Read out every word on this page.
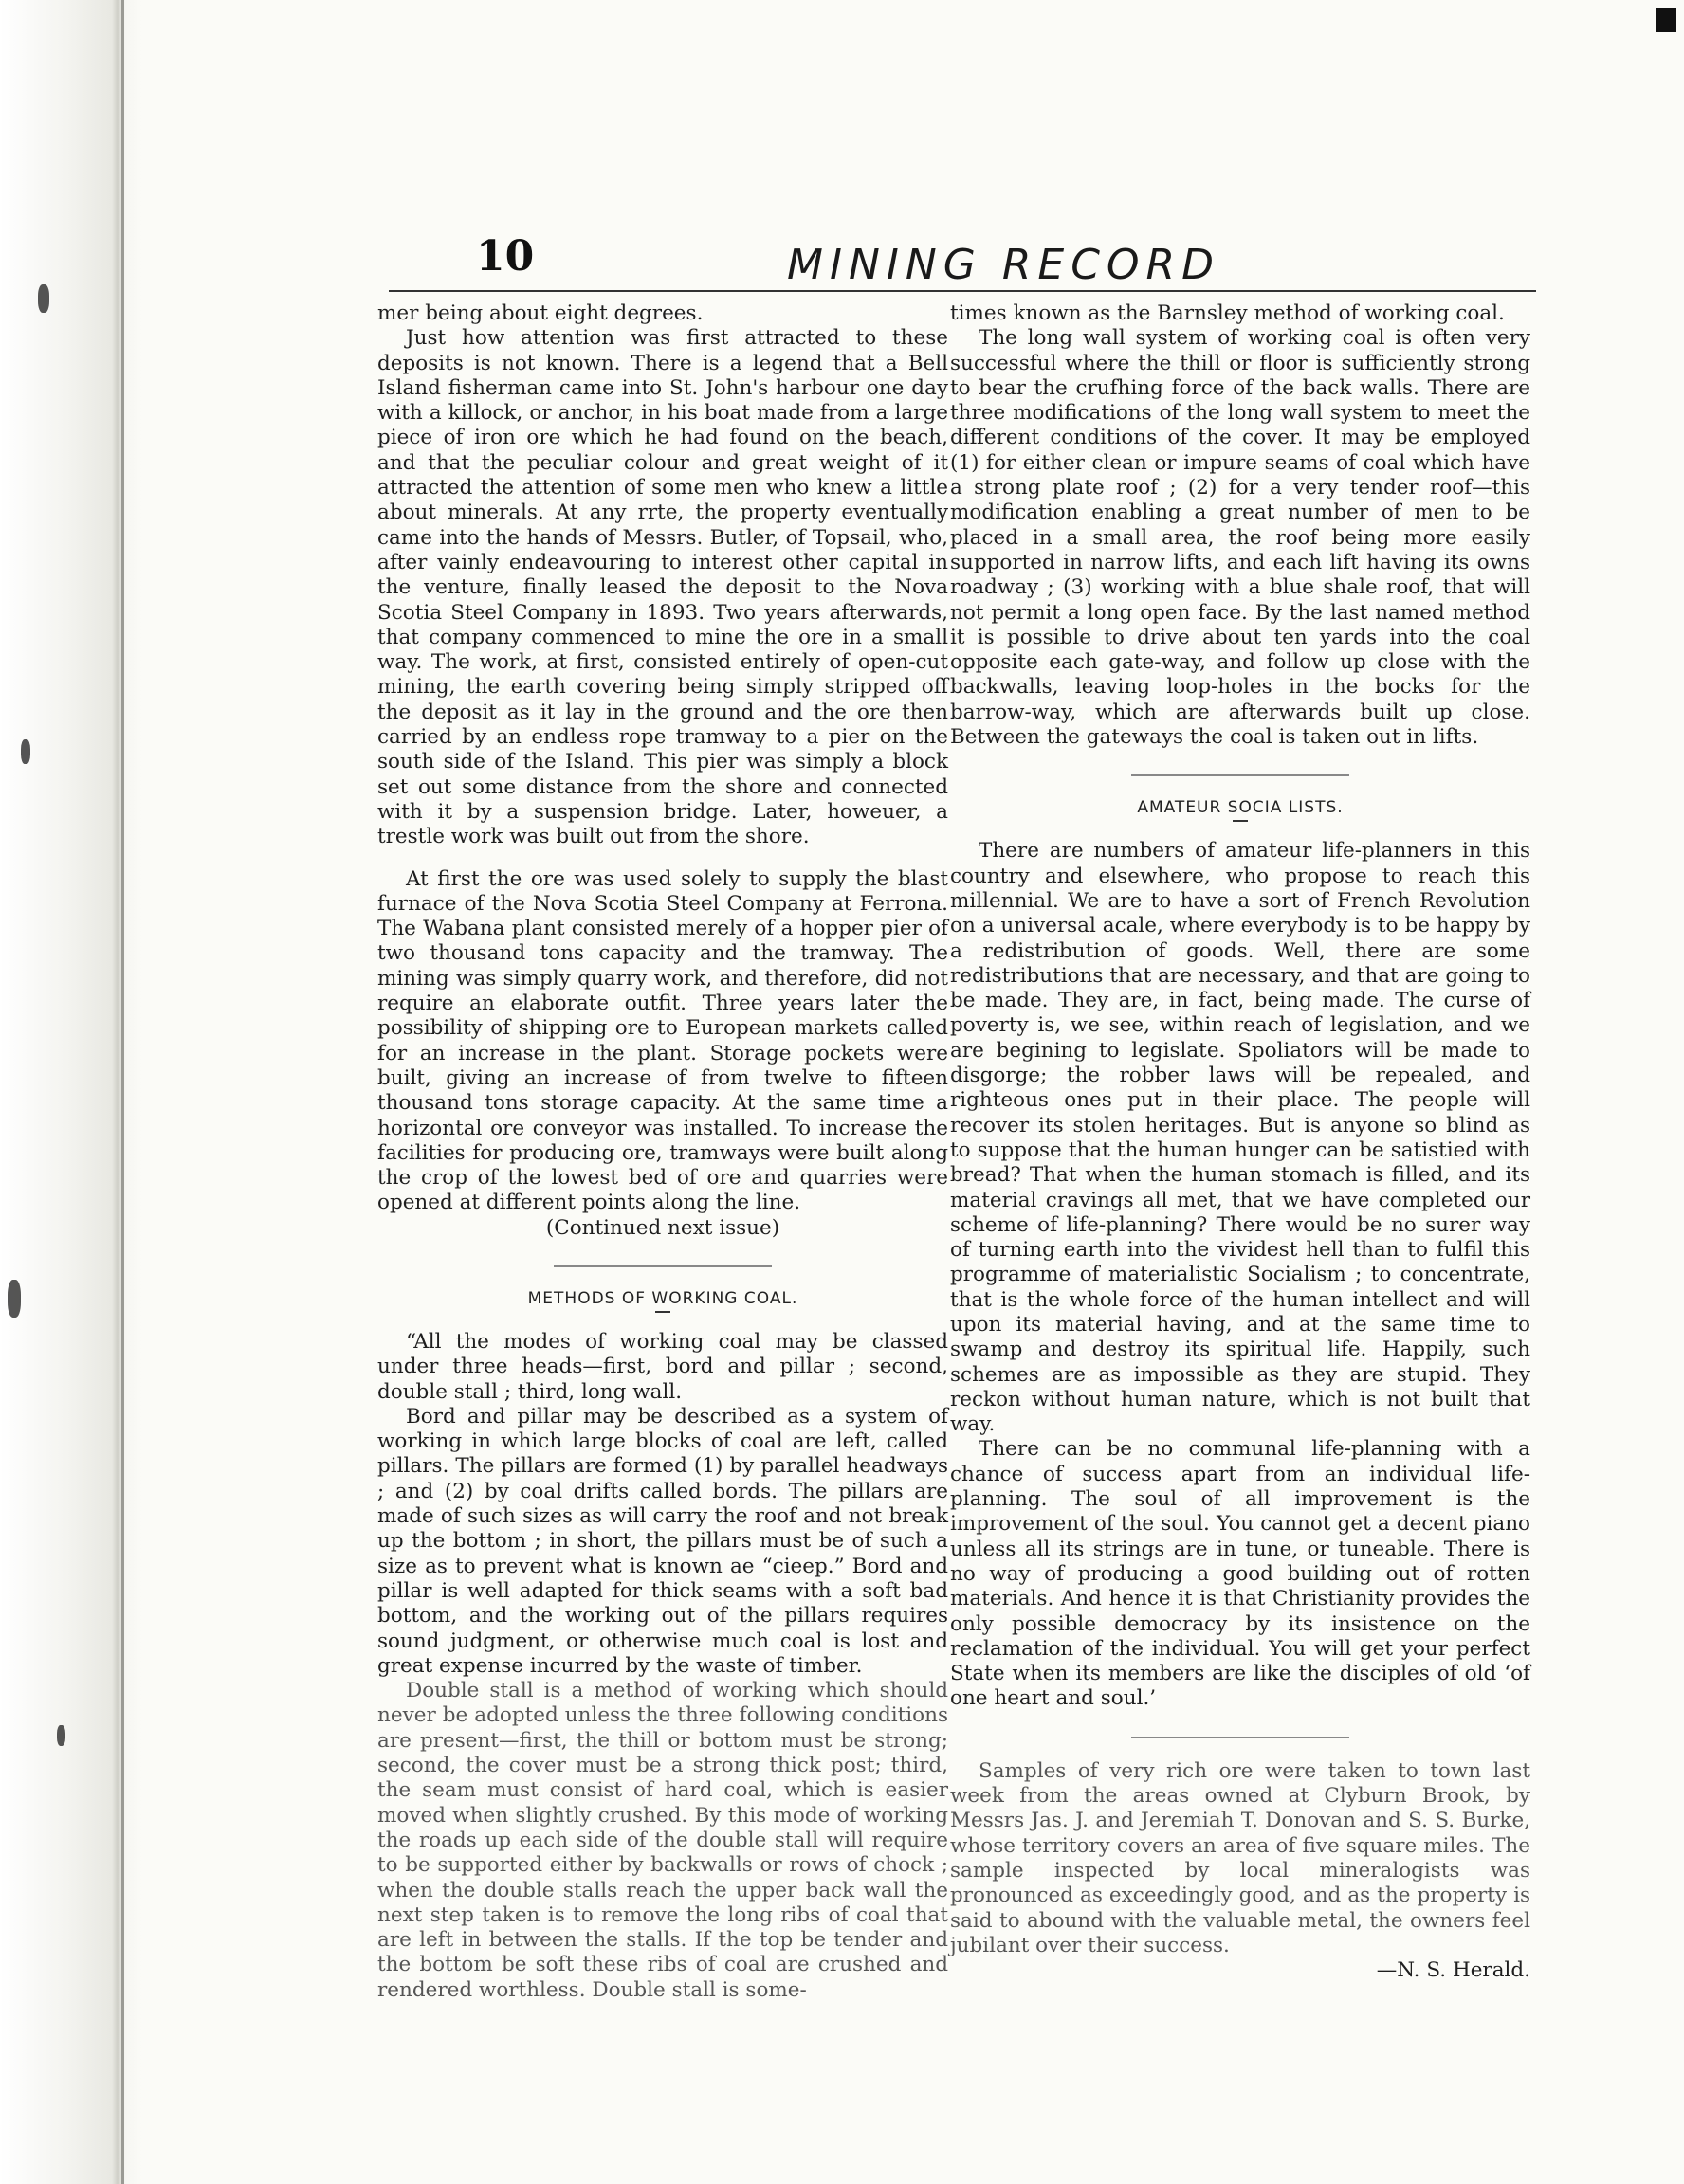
10	MINING RECORD

mer being about eight degrees.

Just how attention was first attracted to these deposits is not known. There is a legend that a Bell Island fisherman came into St. John's harbour one day with a killock, or anchor, in his boat made from a large piece of iron ore which he had found on the beach, and that the peculiar colour and great weight of it attracted the attention of some men who knew a little about minerals. At any rrte, the property eventually came into the hands of Messrs. Butler, of Topsail, who, after vainly endeavouring to interest other capital in the venture, finally leased the deposit to the Nova Scotia Steel Company in 1893. Two years afterwards, that company commenced to mine the ore in a small way. The work, at first, consisted entirely of open-cut mining, the earth covering being simply stripped off the deposit as it lay in the ground and the ore then carried by an endless rope tramway to a pier on the south side of the Island. This pier was simply a block set out some distance from the shore and connected with it by a suspension bridge. Later, howeuer, a trestle work was built out from the shore.

At first the ore was used solely to supply the blast furnace of the Nova Scotia Steel Company at Ferrona. The Wabana plant consisted merely of a hopper pier of two thousand tons capacity and the tramway. The mining was simply quarry work, and therefore, did not require an elaborate outfit. Three years later the possibility of shipping ore to European markets called for an increase in the plant. Storage pockets were built, giving an increase of from twelve to fifteen thousand tons storage capacity. At the same time a horizontal ore conveyor was installed. To increase the facilities for producing ore, tramways were built along the crop of the lowest bed of ore and quarries were opened at different points along the line.

(Continued next issue)

METHODS OF WORKING COAL.

“All the modes of working coal may be classed under three heads—first, bord and pillar ; second, double stall ; third, long wall.

Bord and pillar may be described as a system of working in which large blocks of coal are left, called pillars. The pillars are formed (1) by parallel headways ; and (2) by coal drifts called bords. The pillars are made of such sizes as will carry the roof and not break up the bottom ; in short, the pillars must be of such a size as to prevent what is known ae “cieep.” Bord and pillar is well adapted for thick seams with a soft bad bottom, and the working out of the pillars requires sound judgment, or otherwise much coal is lost and great expense incurred by the waste of timber.

Double stall is a method of working which should never be adopted unless the three following conditions are present—first, the thill or bottom must be strong; second, the cover must be a strong thick post; third, the seam must consist of hard coal, which is easier moved when slightly crushed. By this mode of working the roads up each side of the double stall will require to be supported either by backwalls or rows of chock ; when the double stalls reach the upper back wall the next step taken is to remove the long ribs of coal that are left in between the stalls. If the top be tender and the bottom be soft these ribs of coal are crushed and rendered worthless. Double stall is some-

times known as the Barnsley method of working coal.

The long wall system of working coal is often very successful where the thill or floor is sufficiently strong to bear the crufhing force of the back walls. There are three modifications of the long wall system to meet the different conditions of the cover. It may be employed (1) for either clean or impure seams of coal which have a strong plate roof ; (2) for a very tender roof—this modification enabling a great number of men to be placed in a small area, the roof being more easily supported in narrow lifts, and each lift having its owns roadway ; (3) working with a blue shale roof, that will not permit a long open face. By the last named method it is possible to drive about ten yards into the coal opposite each gate-way, and follow up close with the backwalls, leaving loop-holes in the bocks for the barrow-way, which are afterwards built up close. Between the gateways the coal is taken out in lifts.

AMATEUR SOCIA LISTS.

There are numbers of amateur life-planners in this country and elsewhere, who propose to reach this millennial. We are to have a sort of French Revolution on a universal acale, where everybody is to be happy by a redistribution of goods. Well, there are some redistributions that are necessary, and that are going to be made. They are, in fact, being made. The curse of poverty is, we see, within reach of legislation, and we are begining to legislate. Spoliators will be made to disgorge; the robber laws will be repealed, and righteous ones put in their place. The people will recover its stolen heritages. But is anyone so blind as to suppose that the human hunger can be satistied with bread? That when the human stomach is filled, and its material cravings all met, that we have completed our scheme of life-planning? There would be no surer way of turning earth into the vividest hell than to fulfil this programme of materialistic Socialism ; to concentrate, that is the whole force of the human intellect and will upon its material having, and at the same time to swamp and destroy its spiritual life. Happily, such schemes are as impossible as they are stupid. They reckon without human nature, which is not built that way.

There can be no communal life-planning with a chance of success apart from an individual life-planning. The soul of all improvement is the improvement of the soul. You cannot get a decent piano unless all its strings are in tune, or tuneable. There is no way of producing a good building out of rotten materials. And hence it is that Christianity provides the only possible democracy by its insistence on the reclamation of the individual. You will get your perfect State when its members are like the disciples of old ‘of one heart and soul.’

Samples of very rich ore were taken to town last week from the areas owned at Clyburn Brook, by Messrs Jas. J. and Jeremiah T. Donovan and S. S. Burke, whose territory covers an area of five square miles. The sample inspected by local mineralogists was pronounced as exceedingly good, and as the property is said to abound with the valuable metal, the owners feel jubilant over their success.

—N. S. Herald.
